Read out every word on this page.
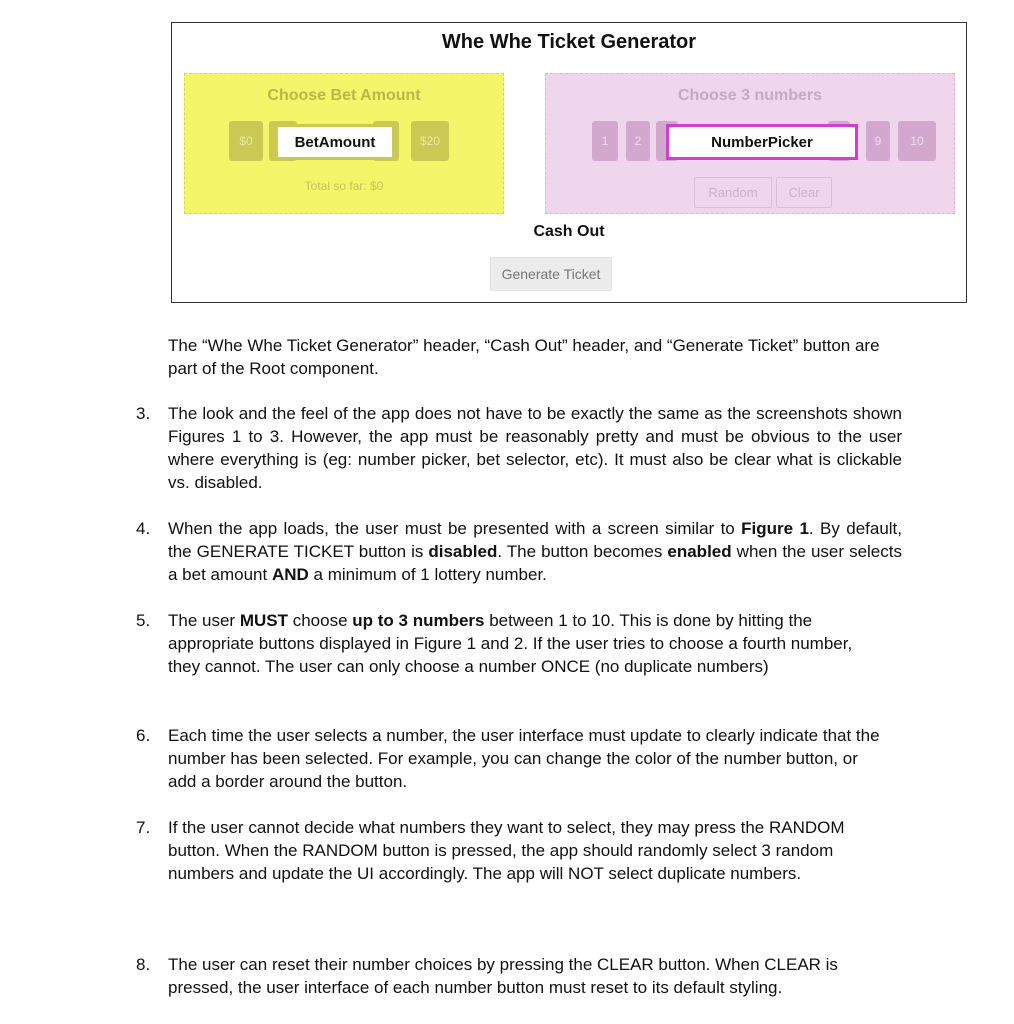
Whe Whe Ticket Generator
Choose Bet Amount
$0	$20
BetAmount
Total so far: $0
Choose 3 numbers
1	2	9	10
NumberPicker
Random	Clear
Cash Out
Generate Ticket
The “Whe Whe Ticket Generator” header, “Cash Out” header, and “Generate Ticket” button are part of the Root component.
3. The look and the feel of the app does not have to be exactly the same as the screenshots shown Figures 1 to 3. However, the app must be reasonably pretty and must be obvious to the user where everything is (eg: number picker, bet selector, etc). It must also be clear what is clickable vs. disabled.
4. When the app loads, the user must be presented with a screen similar to Figure 1. By default, the GENERATE TICKET button is disabled. The button becomes enabled when the user selects a bet amount AND a minimum of 1 lottery number.
5. The user MUST choose up to 3 numbers between 1 to 10. This is done by hitting the appropriate buttons displayed in Figure 1 and 2. If the user tries to choose a fourth number, they cannot. The user can only choose a number ONCE (no duplicate numbers)
6. Each time the user selects a number, the user interface must update to clearly indicate that the number has been selected. For example, you can change the color of the number button, or add a border around the button.
7. If the user cannot decide what numbers they want to select, they may press the RANDOM button. When the RANDOM button is pressed, the app should randomly select 3 random numbers and update the UI accordingly. The app will NOT select duplicate numbers.
8. The user can reset their number choices by pressing the CLEAR button. When CLEAR is pressed, the user interface of each number button must reset to its default styling.
